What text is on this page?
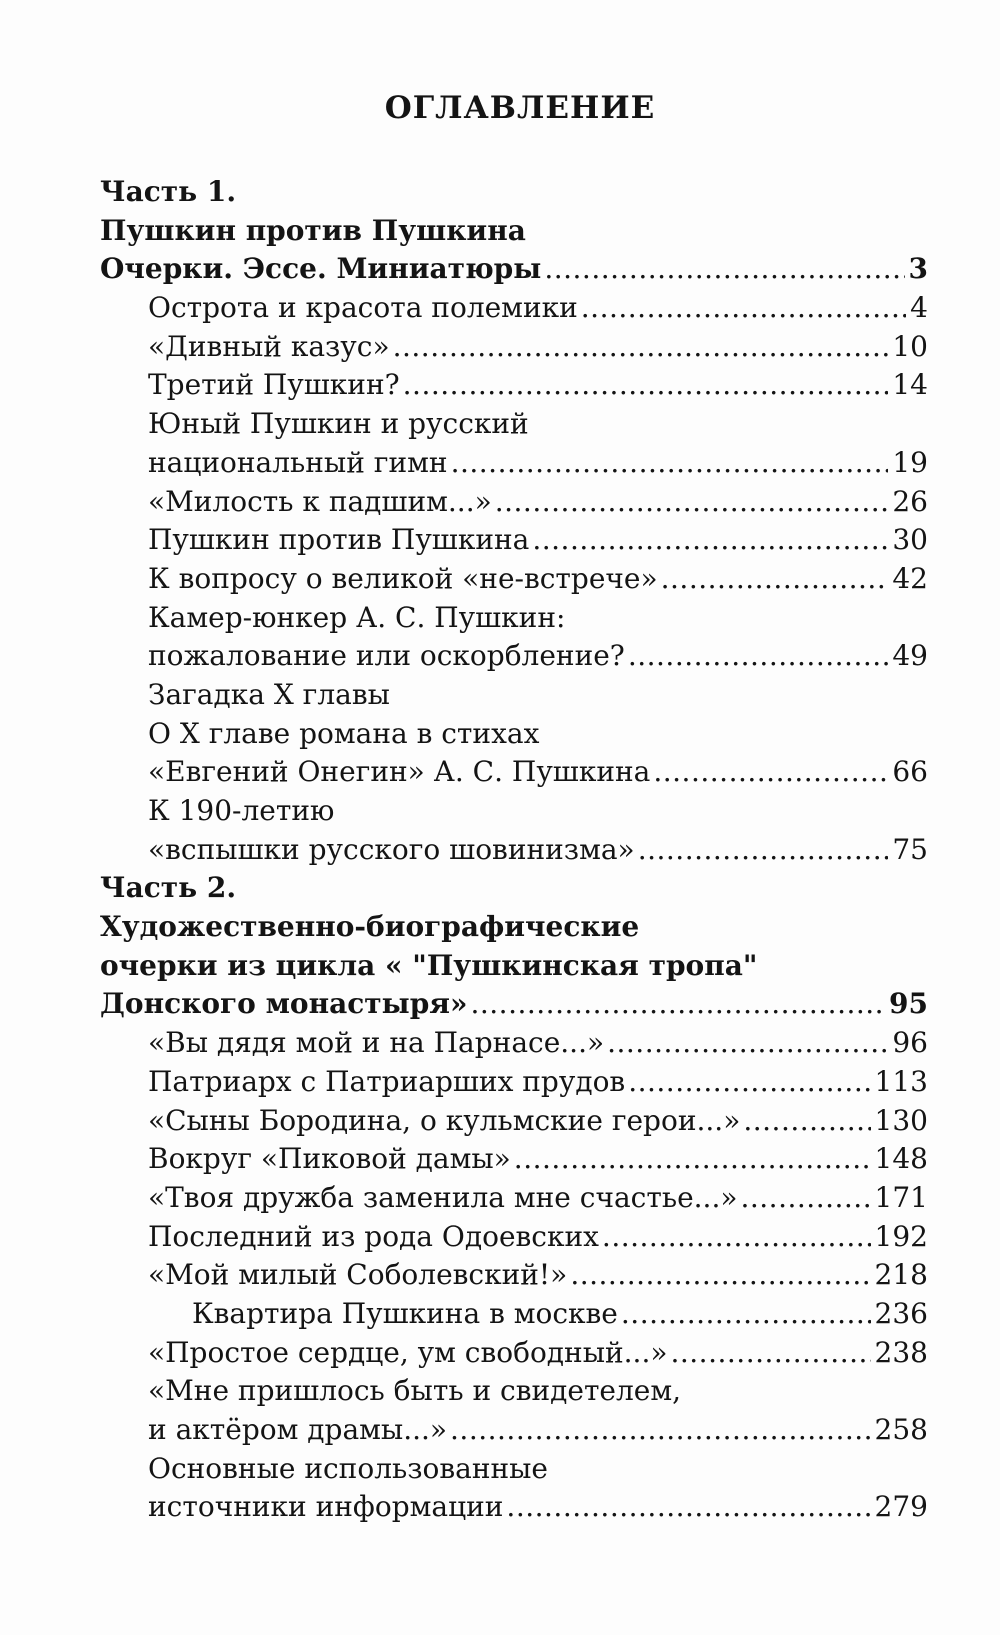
ОГЛАВЛЕНИЕ
Часть 1.
Пушкин против Пушкина
Очерки. Эссе. Миниатюры .....	3
Острота и красота полемики .....	4
«Дивный казус» .....	10
Третий Пушкин? .....	14
Юный Пушкин и русский
национальный гимн .....	19
«Милость к падшим...» .....	26
Пушкин против Пушкина .....	30
К вопросу о великой «не-встрече» .....	42
Камер-юнкер А. С. Пушкин:
пожалование или оскорбление? .....	49
Загадка X главы
О X главе романа в стихах
«Евгений Онегин» А. С. Пушкина .....	66
К 190-летию
«вспышки русского шовинизма» .....	75
Часть 2.
Художественно-биографические
очерки из цикла « "Пушкинская тропа"
Донского монастыря» .....	95
«Вы дядя мой и на Парнасе...» .....	96
Патриарх с Патриарших прудов .....	113
«Сыны Бородина, о кульмские герои...» .....	130
Вокруг «Пиковой дамы» .....	148
«Твоя дружба заменила мне счастье...» .....	171
Последний из рода Одоевских .....	192
«Мой милый Соболевский!» .....	218
Квартира Пушкина в москве .....	236
«Простое сердце, ум свободный...» .....	238
«Мне пришлось быть и свидетелем,
и актёром драмы...» .....	258
Основные использованные
источники информации .....	279
